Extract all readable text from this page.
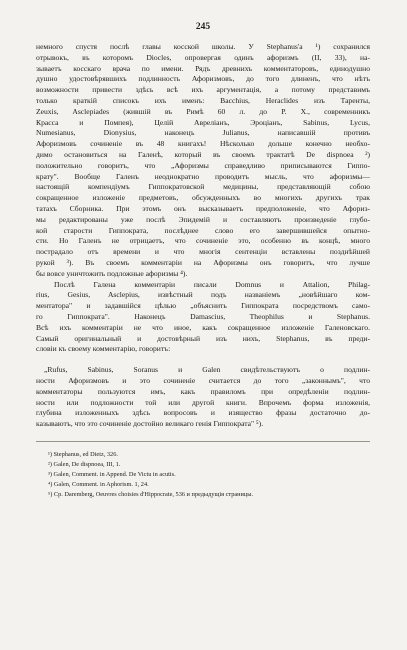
245

немного спустя послѣ главы косской школы. У Stephanus'а ¹) сохранился

отрывокъ, въ которомъ Diocles, опровергая одинъ афоризмъ (II, 33), на-

зываетъ косскаго врача по имени. Рядъ древнихъ комментаторовъ, единодушно

душно удостовѣрявшихъ подлинность Афоризмовъ, до того длиненъ, что нѣтъ

возможности привести здѣсь всѣ ихъ аргументація, а потому представимъ

только краткій списокъ ихъ именъ: Bacchius, Heraclides изъ Таренты,

Zeuxis, Asclepiades (жившій въ Римѣ 60 л. до Р. Х., современникъ

Красса и Помпея), Целій Авреліанъ, Эроціанъ, Sabinus, Lycus,

Numesianus, Dionysius, наконецъ Julianus, написавшій противъ

Афоризмовъ сочиненіе въ 48 книгахъ! Нѣсколько дольше конечно необхо-

димо остановиться на Галенѣ, который въ своемъ трактатѣ De dispnoea ²)

положительно говоритъ, что „Афоризмы справедливо приписываются Гиппо-

крату". Вообще Галенъ неоднократно проводитъ мысль, что афоризмы—

настоящій компендіумъ Гиппократовской медицины, представляющій собою

сокращенное изложеніе предметовъ, обсужденныхъ во многихъ другихъ трак

татахъ Сборника. При этомъ онъ высказываетъ предположеніе, что Афориз-

мы редактированы уже послѣ Эпидемій и составляютъ произведеніе глубо-

кой старости Гиппократа, послѣднее слово его завершившейся опытно-

сти. Но Галенъ не отрицаетъ, что сочиненіе это, особенно въ концѣ, много

пострадало отъ времени и что многія сентенціи вставлены позднѣйшей

рукой ³). Въ своемъ комментаріи на Афоризмы онъ говоритъ, что лучше

бы вовсе уничтожить подложные афоризмы ⁴).

Послѣ Галена комментаріи писали Domnus и Attalion, Philag-

rius, Gesius, Asclepius, извѣстный подъ названіемъ „новѣйшаго ком-

ментатора" и задавшійся цѣлью „объяснить Гиппократа посредствомъ само-

го Гиппократа". Наконецъ Damascius, Theophilus и Stephanus.

Всѣ ихъ комментаріи не что иное, какъ сокращенное изложеніе Галеновскаго.

Самый оригинальный и достовѣрный изъ нихъ, Stephanus, въ преди-

словіи къ своему комментарію, говоритъ:

„Rufus, Sabinus, Soranus и Galen свидѣтельствуютъ о подлин-

ности Афоризмовъ и это сочиненіе считается до того „законнымъ", что

комментаторы пользуются имъ, какъ правиломъ при опредѣленіи подлин-

ности или подложности той или другой книги. Впрочемъ форма изложенія,

глубина изложенныхъ здѣсь вопросовъ и изящество фразы достаточно до-

казываютъ, что это сочиненіе достойно великаго генія Гиппократа" ⁵).

¹) Stephanus, ed Dietz, 326.

²) Galen, De dispnoea, III, 1.

³) Galen, Comment. in Append. De Victu in acutis.

⁴) Galen, Comment. in Aphorism. 1, 24.

⁵) Cp. Daremberg, Oeuvres choisies d'Hippocrate, 536 и предыдущія страницы.
